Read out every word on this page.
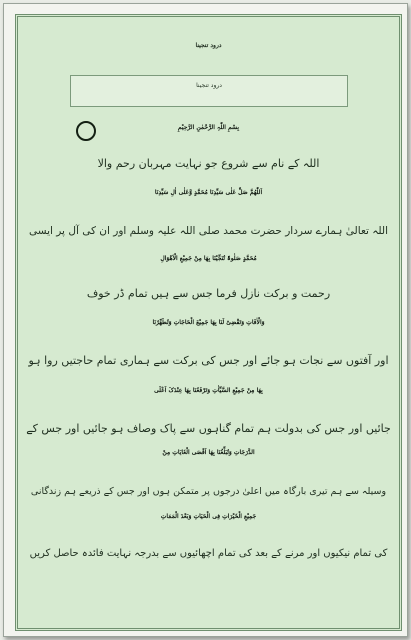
درود تنجینا
درود تنجینا
بِسْمِ اللّٰہِ الرَّحْمٰنِ الرَّحِیْمِ
اللہ کے نام سے شروع جو نہایت مہربان رحم والا
اَللّٰھُمَّ صَلِّ عَلٰی سَیِّدِنَا مُحَمَّدٍ وَّعَلٰی اٰلِ سَیِّدِنَا
اللہ تعالیٰ ہمارے سردار حضرت محمد صلی اللہ علیہ وسلم اور ان کی آل پر ایسی
مُحَمَّدٍ صَلٰوۃً تُنَجِّیْنَا بِھَا مِنْ جَمِیْعِ الْاَھْوَالِ
رحمت و برکت نازل فرما جس سے ہیں تمام ڈر خوف
وَالْاٰفَاتِ وَتَقْضِیْ لَنَا بِھَا جَمِیْعَ الْحَاجَاتِ وَتُطَھِّرُنَا
اور آفتوں سے نجات ہو جائے اور جس کی برکت سے ہماری تمام حاجتیں روا ہو
بِھَا مِنْ جَمِیْعِ السَّیِّاٰتِ وَتَرْفَعُنَا بِھَا عِنْدَکَ اَعْلَی
جائیں اور جس کی بدولت ہم تمام گناہوں سے پاک وصاف ہو جائیں اور جس کے
الدَّرَجَاتِ وَتُبَلِّغُنَا بِھَا اَقْصَی الْغَایَاتِ مِنْ
وسیلہ سے ہم تیری بارگاہ میں اعلیٰ درجوں پر متمکن ہوں اور جس کے ذریعے ہم زندگانی
جَمِیْعِ الْخَیْرَاتِ فِی الْحَیَاتِ وَبَعْدَ الْمَمَاتِ
کی تمام نیکیوں اور مرنے کے بعد کی تمام اچھائیوں سے بدرجہ نہایت فائدہ حاصل کریں
